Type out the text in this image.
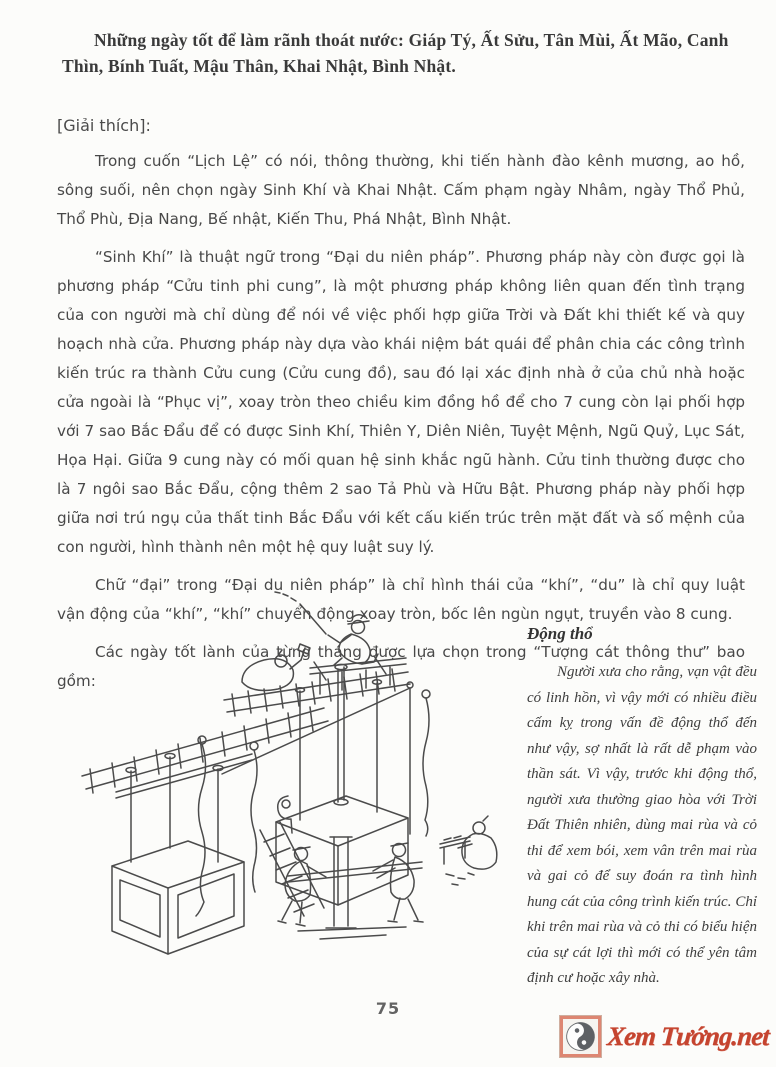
Những ngày tốt để làm rãnh thoát nước: Giáp Tý, Ất Sửu, Tân Mùi, Ất Mão, Canh Thìn, Bính Tuất, Mậu Thân, Khai Nhật, Bình Nhật.

[Giải thích]:

Trong cuốn “Lịch Lệ” có nói, thông thường, khi tiến hành đào kênh mương, ao hồ, sông suối, nên chọn ngày Sinh Khí và Khai Nhật. Cấm phạm ngày Nhâm, ngày Thổ Phủ, Thổ Phù, Địa Nang, Bế nhật, Kiến Thu, Phá Nhật, Bình Nhật.

“Sinh Khí” là thuật ngữ trong “Đại du niên pháp”. Phương pháp này còn được gọi là phương pháp “Cửu tinh phi cung”, là một phương pháp không liên quan đến tình trạng của con người mà chỉ dùng để nói về việc phối hợp giữa Trời và Đất khi thiết kế và quy hoạch nhà cửa. Phương pháp này dựa vào khái niệm bát quái để phân chia các công trình kiến trúc ra thành Cửu cung (Cửu cung đồ), sau đó lại xác định nhà ở của chủ nhà hoặc cửa ngoài là “Phục vị”, xoay tròn theo chiều kim đồng hồ để cho 7 cung còn lại phối hợp với 7 sao Bắc Đẩu để có được Sinh Khí, Thiên Y, Diên Niên, Tuyệt Mệnh, Ngũ Quỷ, Lục Sát, Họa Hại. Giữa 9 cung này có mối quan hệ sinh khắc ngũ hành. Cửu tinh thường được cho là 7 ngôi sao Bắc Đẩu, cộng thêm 2 sao Tả Phù và Hữu Bật. Phương pháp này phối hợp giữa nơi trú ngụ của thất tinh Bắc Đẩu với kết cấu kiến trúc trên mặt đất và số mệnh của con người, hình thành nên một hệ quy luật suy lý.

Chữ “đại” trong “Đại du niên pháp” là chỉ hình thái của “khí”, “du” là chỉ quy luật vận động của “khí”, “khí” chuyển động xoay tròn, bốc lên ngùn ngụt, truyền vào 8 cung.

Các ngày tốt lành của từng tháng được lựa chọn trong “Tượng cát thông thư” bao gồm:

Động thổ

Người xưa cho rằng, vạn vật đều có linh hồn, vì vậy mới có nhiều điều cấm kỵ trong vấn đề động thổ đến như vậy, sợ nhất là rất dễ phạm vào thần sát. Vì vậy, trước khi động thổ, người xưa thường giao hòa với Trời Đất Thiên nhiên, dùng mai rùa và cỏ thi để xem bói, xem vân trên mai rùa và gai cỏ để suy đoán ra tình hình hung cát của công trình kiến trúc. Chỉ khi trên mai rùa và cỏ thi có biểu hiện của sự cát lợi thì mới có thể yên tâm định cư hoặc xây nhà.

75
Xem Tướng.net
